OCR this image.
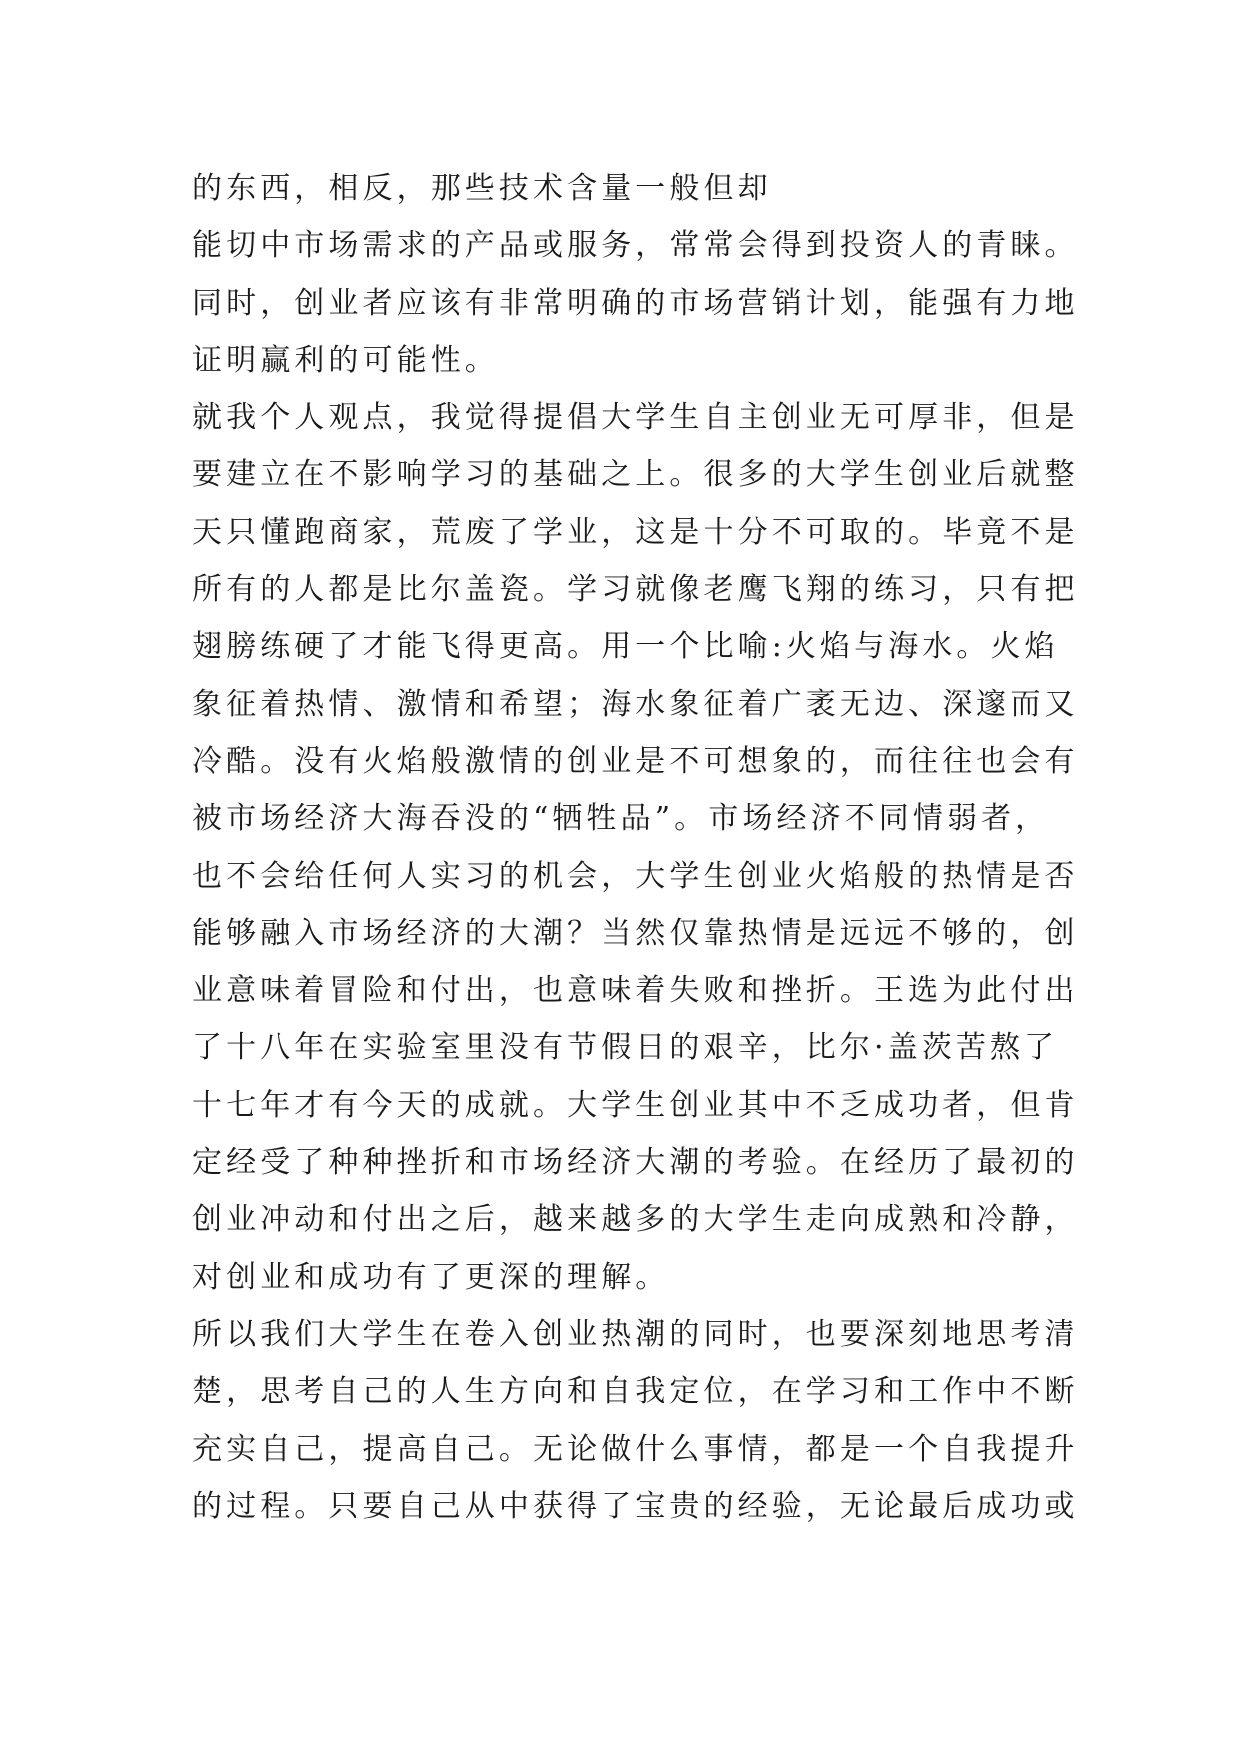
的东西，相反，那些技术含量一般但却
能切中市场需求的产品或服务，常常会得到投资人的青睐。
同时，创业者应该有非常明确的市场营销计划，能强有力地
证明赢利的可能性。
就我个人观点，我觉得提倡大学生自主创业无可厚非，但是
要建立在不影响学习的基础之上。很多的大学生创业后就整
天只懂跑商家，荒废了学业，这是十分不可取的。毕竟不是
所有的人都是比尔盖瓷。学习就像老鹰飞翔的练习，只有把
翅膀练硬了才能飞得更高。用一个比喻:火焰与海水。火焰
象征着热情、激情和希望；海水象征着广袤无边、深邃而又
冷酷。没有火焰般激情的创业是不可想象的，而往往也会有
被市场经济大海吞没的“牺牲品”。市场经济不同情弱者，
也不会给任何人实习的机会，大学生创业火焰般的热情是否
能够融入市场经济的大潮？当然仅靠热情是远远不够的，创
业意味着冒险和付出，也意味着失败和挫折。王选为此付出
了十八年在实验室里没有节假日的艰辛，比尔·盖茨苦熬了
十七年才有今天的成就。大学生创业其中不乏成功者，但肯
定经受了种种挫折和市场经济大潮的考验。在经历了最初的
创业冲动和付出之后，越来越多的大学生走向成熟和冷静，
对创业和成功有了更深的理解。
所以我们大学生在卷入创业热潮的同时，也要深刻地思考清
楚，思考自己的人生方向和自我定位，在学习和工作中不断
充实自己，提高自己。无论做什么事情，都是一个自我提升
的过程。只要自己从中获得了宝贵的经验，无论最后成功或
